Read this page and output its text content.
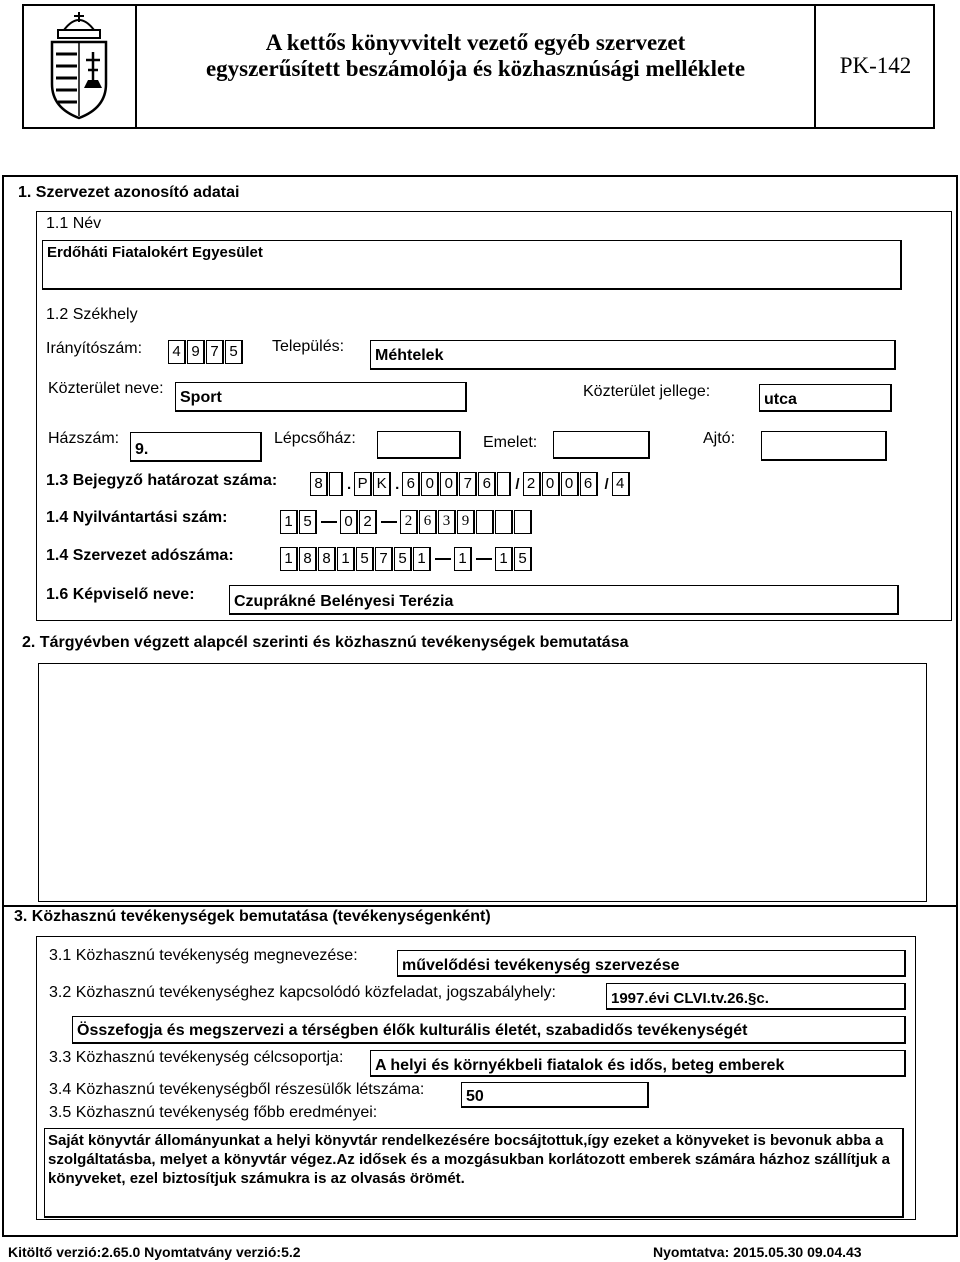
A kettős könyvvitelt vezető egyéb szervezet
egyszerűsített beszámolója és közhasznúsági melléklete	PK-142
1. Szervezet azonosító adatai
1.1 Név
Erdőháti Fiatalokért Egyesület
1.2 Székhely
Irányítószám: 4 9 7 5	Település:
Méhtelek
Közterület neve:
Sport	Közterület jellege:	utca
Házszám:
9.
Lépcsőház:	Emelet:	Ajtó:
1.3 Bejegyző határozat száma: 8	. P K . 6 0 0 7 6	/ 2 0 0 6 / 4
1.4 Nyilvántartási szám:	1 5	0 2	2 6 3 9
1.4 Szervezet adószáma:	1 8 8 1 5 7 5 1	1	1 5
1.6 Képviselő neve:	Czuprákné Belényesi Terézia
2. Tárgyévben végzett alapcél szerinti és közhasznú tevékenységek bemutatása
3. Közhasznú tevékenységek bemutatása (tevékenységenként)
3.1 Közhasznú tevékenység megnevezése:
művelődési tevékenység szervezése
3.2 Közhasznú tevékenységhez kapcsolódó közfeladat, jogszabályhely:	1997.évi CLVI.tv.26.§c.
Összefogja és megszervezi a térségben élők kulturális életét, szabadidős tevékenységét
3.3 Közhasznú tevékenység célcsoportja:	A helyi és környékbeli fiatalok és idős, beteg emberek
3.4 Közhasznú tevékenységből részesülők létszáma:	50
3.5 Közhasznú tevékenység főbb eredményei:
Saját könyvtár állományunkat a helyi könyvtár rendelkezésére bocsájtottuk,így ezeket a könyveket is bevonuk abba a szolgáltatásba, melyet a könyvtár végez.Az idősek és a mozgásukban korlátozott emberek számára házhoz szállítjuk a könyveket, ezel biztosítjuk számukra is az olvasás örömét.
Kitöltő verzió:2.65.0 Nyomtatvány verzió:5.2	Nyomtatva: 2015.05.30 09.04.43
